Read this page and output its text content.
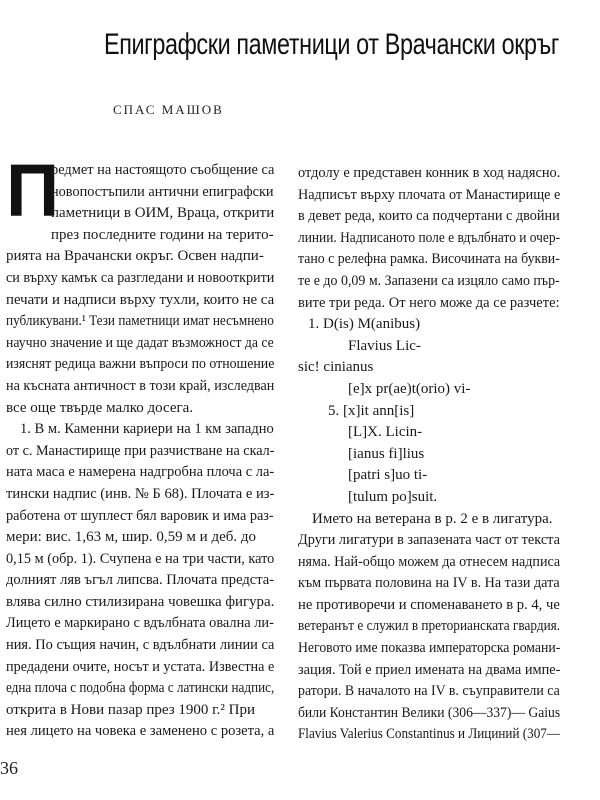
Епиграфски паметници от Врачански окръг
СПАС МАШОВ
П
редмет на настоящото съобщение са
новопостъпили антични епиграфски
паметници в ОИМ, Враца, открити
през последните години на терито-
рията на Врачански окръг. Освен надпи-
си върху камък са разгледани и новооткрити
печати и надписи върху тухли, които не са
публикувани.¹ Тези паметници имат несъмнено
научно значение и ще дадат възможност да се
изяснят редица важни въпроси по отношение
на късната античност в този край, изследван
все още твърде малко досега.
1. В м. Каменни кариери на 1 км западно
от с. Манастирище при разчистване на скал-
ната маса е намерена надгробна плоча с ла-
тински надпис (инв. № Б 68). Плочата е из-
работена от шуплест бял варовик и има раз-
мери: вис. 1,63 м, шир. 0,59 м и деб. до
0,15 м (обр. 1). Счупена е на три части, като
долният ляв ъгъл липсва. Плочата предста-
влява силно стилизирана човешка фигура.
Лицето е маркирано с вдълбната овална ли-
ния. По същия начин, с вдълбнати линии са
предадени очите, носът и устата. Известна е
една плоча с подобна форма с латински надпис,
открита в Нови пазар през 1900 г.² При
нея лицето на човека е заменено с розета, а
отдолу е представен конник в ход надясно.
Надписът върху плочата от Манастирище е
в девет реда, които са подчертани с двойни
линии. Надписаното поле е вдълбнато и очер-
тано с релефна рамка. Височината на букви-
те е до 0,09 м. Запазени са изцяло само пър-
вите три реда. От него може да се разчете:
1. D(is) M(anibus)
Flavius Lic-
sic! cinianus
[e]x pr(ae)t(orio) vi-
5. [x]it ann[is]
[L]X. Licin-
[ianus fi]lius
[patri s]uo ti-
[tulum po]suit.
Името на ветерана в р. 2 е в лигатура.
Други лигатури в запазената част от текста
няма. Най-общо можем да отнесем надписа
към първата половина на IV в. На тази дата
не противоречи и споменаването в р. 4, че
ветеранът е служил в преторианската гвардия.
Неговото име показва императорска романи-
зация. Той е приел имената на двама импе-
ратори. В началото на IV в. съуправители са
били Константин Велики (306—337)— Gaius
Flavius Valerius Constantinus и Лициний (307—
36
